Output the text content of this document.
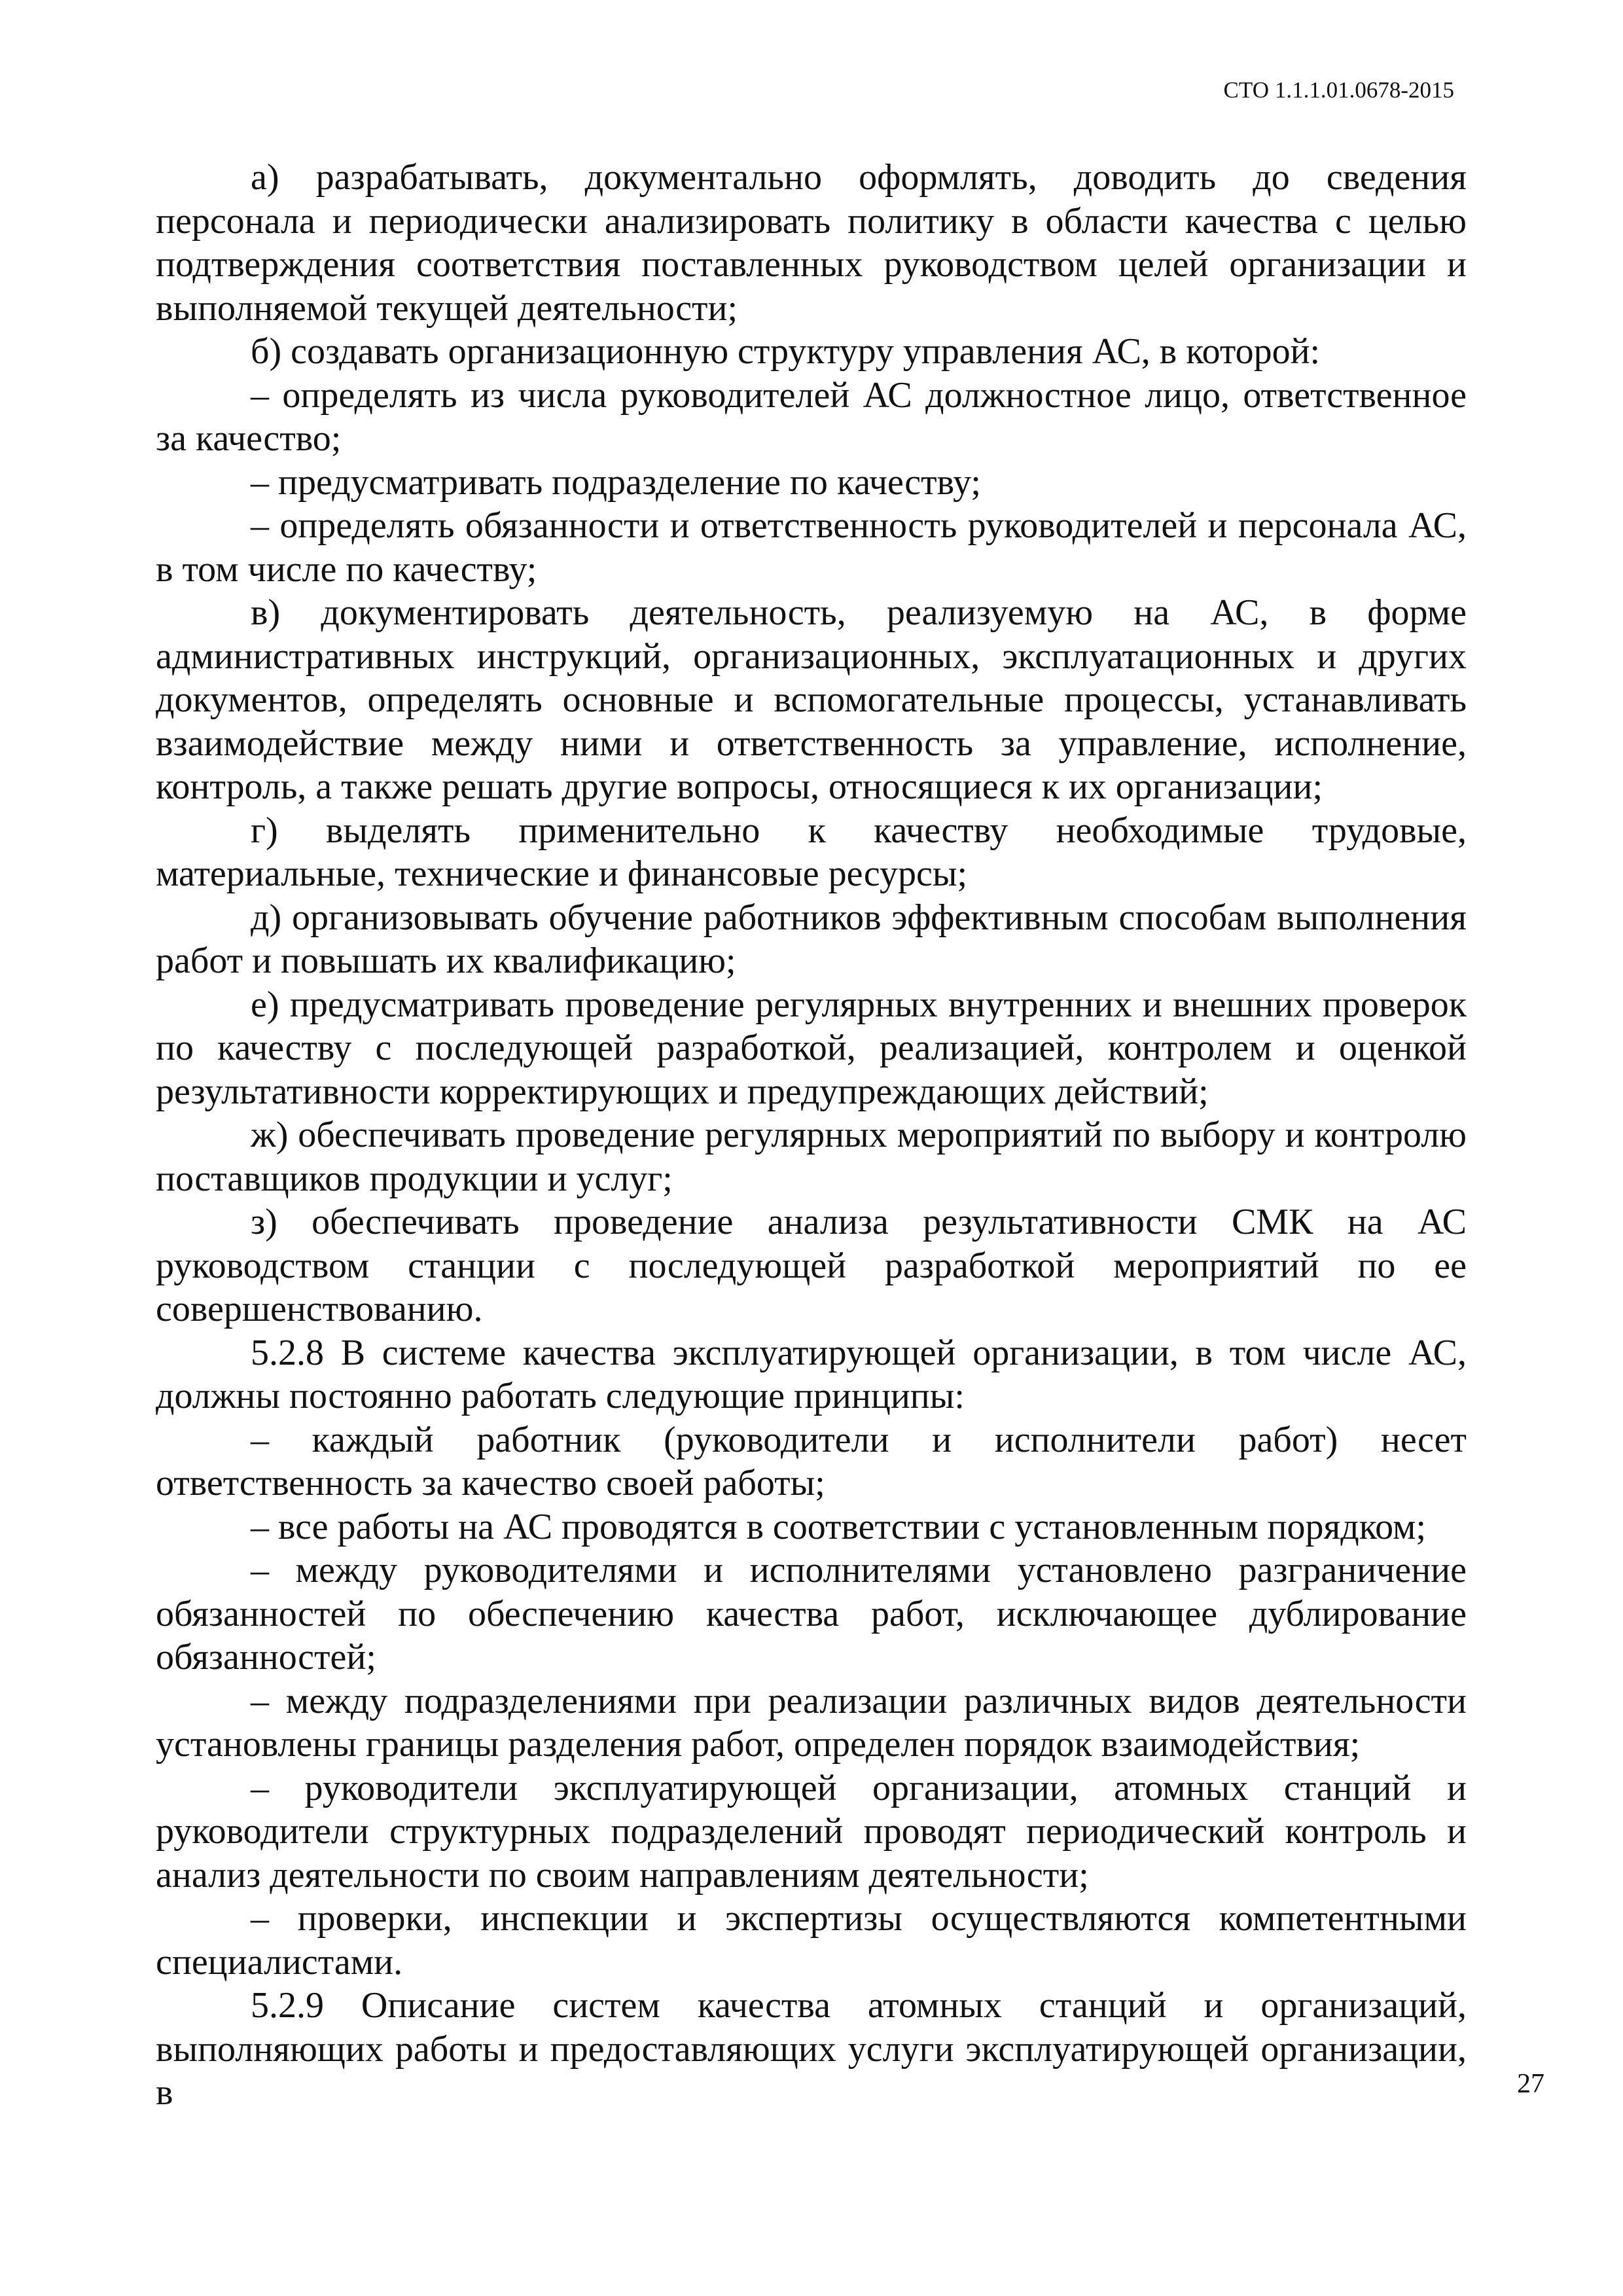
СТО 1.1.1.01.0678-2015

а) разрабатывать, документально оформлять, доводить до сведения персонала и периодически анализировать политику в области качества с целью подтверждения соответствия поставленных руководством целей организации и выполняемой текущей деятельности;

б) создавать организационную структуру управления АС, в которой:

– определять из числа руководителей АС должностное лицо, ответственное за качество;

– предусматривать подразделение по качеству;

– определять обязанности и ответственность руководителей и персонала АС, в том числе по качеству;

в) документировать деятельность, реализуемую на АС, в форме административных инструкций, организационных, эксплуатационных и других документов, определять основные и вспомогательные процессы, устанавливать взаимодействие между ними и ответственность за управление, исполнение, контроль, а также решать другие вопросы, относящиеся к их организации;

г) выделять применительно к качеству необходимые трудовые, материальные, технические и финансовые ресурсы;

д) организовывать обучение работников эффективным способам выполнения работ и повышать их квалификацию;

е) предусматривать проведение регулярных внутренних и внешних проверок по качеству с последующей разработкой, реализацией, контролем и оценкой результативности корректирующих и предупреждающих действий;

ж) обеспечивать проведение регулярных мероприятий по выбору и контролю поставщиков продукции и услуг;

з) обеспечивать проведение анализа результативности СМК на АС руководством станции с последующей разработкой мероприятий по ее совершенствованию.

5.2.8 В системе качества эксплуатирующей организации, в том числе АС, должны постоянно работать следующие принципы:

– каждый работник (руководители и исполнители работ) несет ответственность за качество своей работы;

– все работы на АС проводятся в соответствии с установленным порядком;

– между руководителями и исполнителями установлено разграничение обязанностей по обеспечению качества работ, исключающее дублирование обязанностей;

– между подразделениями при реализации различных видов деятельности установлены границы разделения работ, определен порядок взаимодействия;

– руководители эксплуатирующей организации, атомных станций и руководители структурных подразделений проводят периодический контроль и анализ деятельности по своим направлениям деятельности;

– проверки, инспекции и экспертизы осуществляются компетентными специалистами.

5.2.9 Описание систем качества атомных станций и организаций, выполняющих работы и предоставляющих услуги эксплуатирующей организации, в	27
